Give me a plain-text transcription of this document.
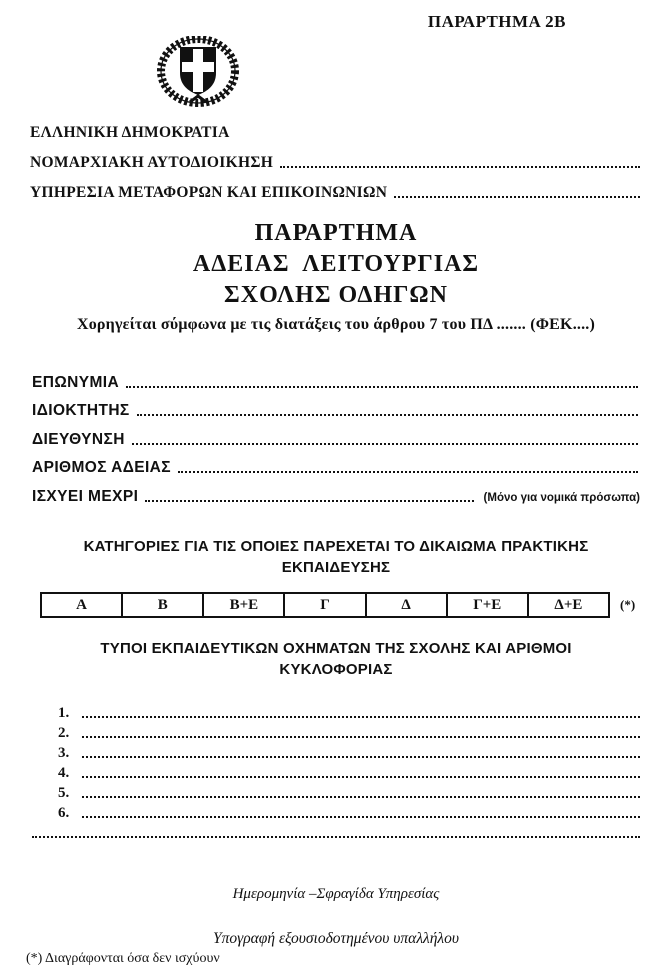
ΠΑΡΑΡΤΗΜΑ 2Β
ΕΛΛΗΝΙΚΗ ΔΗΜΟΚΡΑΤΙΑ
ΝΟΜΑΡΧΙΑΚΗ ΑΥΤΟΔΙΟΙΚΗΣΗ
ΥΠΗΡΕΣΙΑ ΜΕΤΑΦΟΡΩΝ ΚΑΙ ΕΠΙΚΟΙΝΩΝΙΩΝ
ΠΑΡΑΡΤΗΜΑ
ΑΔΕΙΑΣ ΛΕΙΤΟΥΡΓΙΑΣ
ΣΧΟΛΗΣ ΟΔΗΓΩΝ
Χορηγείται σύμφωνα με τις διατάξεις του άρθρου 7 του ΠΔ ....... (ΦΕΚ....)
ΕΠΩΝΥΜΙΑ
ΙΔΙΟΚΤΗΤΗΣ
ΔΙΕΥΘΥΝΣΗ
ΑΡΙΘΜΟΣ ΑΔΕΙΑΣ
ΙΣΧΥΕΙ ΜΕΧΡΙ	(Μόνο για νομικά πρόσωπα)
ΚΑΤΗΓΟΡΙΕΣ ΓΙΑ ΤΙΣ ΟΠΟΙΕΣ ΠΑΡΕΧΕΤΑΙ ΤΟ ΔΙΚΑΙΩΜΑ ΠΡΑΚΤΙΚΗΣ ΕΚΠΑΙΔΕΥΣΗΣ
Α	Β	Β+Ε	Γ	Δ	Γ+Ε	Δ+Ε	(*)
ΤΥΠΟΙ ΕΚΠΑΙΔΕΥΤΙΚΩΝ ΟΧΗΜΑΤΩΝ ΤΗΣ ΣΧΟΛΗΣ ΚΑΙ ΑΡΙΘΜΟΙ ΚΥΚΛΟΦΟΡΙΑΣ
1.
2.
3.
4.
5.
6.
Ημερομηνία –Σφραγίδα Υπηρεσίας
Υπογραφή εξουσιοδοτημένου υπαλλήλου
(*) Διαγράφονται όσα δεν ισχύουν
